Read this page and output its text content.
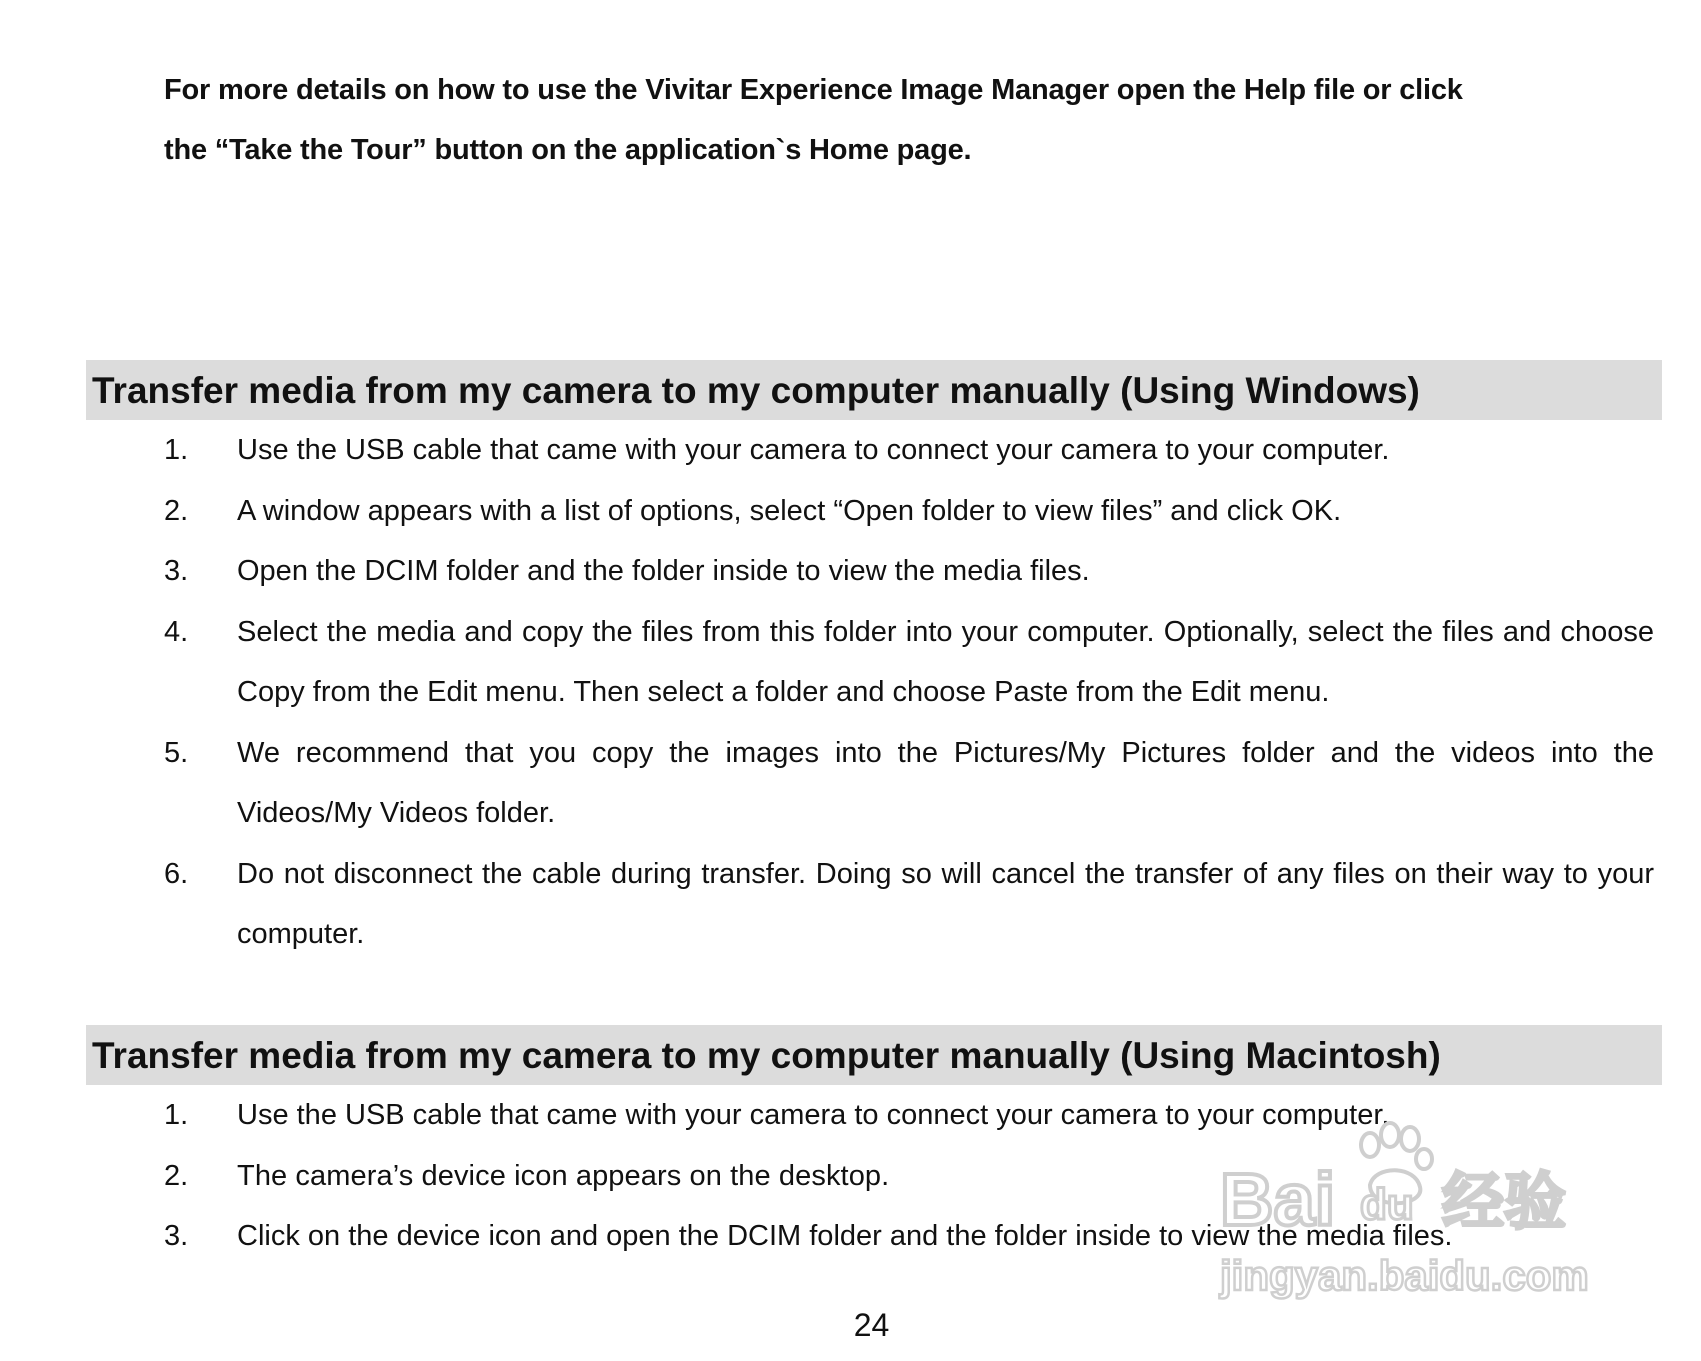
For more details on how to use the Vivitar Experience Image Manager open the Help file or click
the “Take the Tour” button on the application`s Home page.
Transfer media from my camera to my computer manually (Using Windows)
1.	Use the USB cable that came with your camera to connect your camera to your computer.
2.	A window appears with a list of options, select “Open folder to view files” and click OK.
3.	Open the DCIM folder and the folder inside to view the media files.
4.	Select the media and copy the files from this folder into your computer. Optionally, select the files and choose Copy from the Edit menu. Then select a folder and choose Paste from the Edit menu.
5.	We recommend that you copy the images into the Pictures/My Pictures folder and the videos into the Videos/My Videos folder.
6.	Do not disconnect the cable during transfer. Doing so will cancel the transfer of any files on their way to your computer.
Transfer media from my camera to my computer manually (Using Macintosh)
1.	Use the USB cable that came with your camera to connect your camera to your computer.
2.	The camera’s device icon appears on the desktop.
3.	Click on the device icon and open the DCIM folder and the folder inside to view the media files.
24
Bai du 经验
jingyan.baidu.com
